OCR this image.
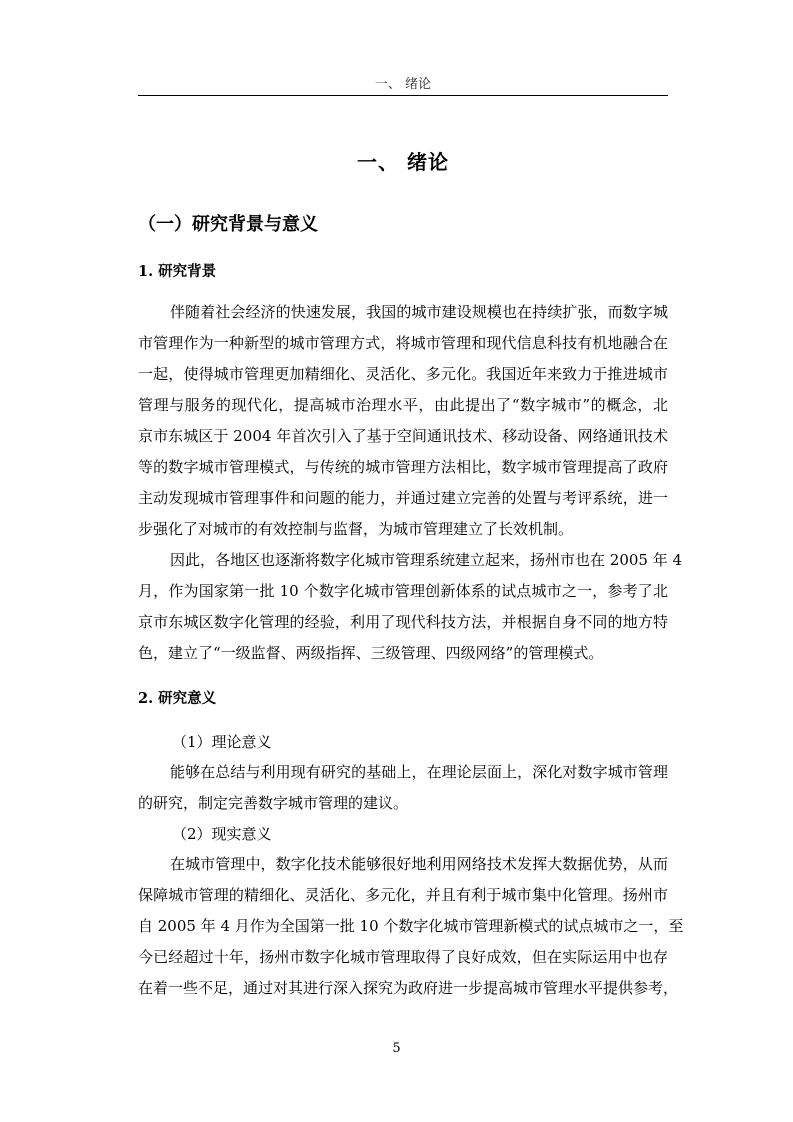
一、 绪论
一、 绪论
（一）研究背景与意义
1. 研究背景
伴随着社会经济的快速发展，我国的城市建设规模也在持续扩张，而数字城
市管理作为一种新型的城市管理方式，将城市管理和现代信息科技有机地融合在
一起，使得城市管理更加精细化、灵活化、多元化。我国近年来致力于推进城市
管理与服务的现代化，提高城市治理水平，由此提出了“数字城市”的概念，北
京市东城区于 2004 年首次引入了基于空间通讯技术、移动设备、网络通讯技术
等的数字城市管理模式，与传统的城市管理方法相比，数字城市管理提高了政府
主动发现城市管理事件和问题的能力，并通过建立完善的处置与考评系统，进一
步强化了对城市的有效控制与监督，为城市管理建立了长效机制。
因此，各地区也逐渐将数字化城市管理系统建立起来，扬州市也在 2005 年 4
月，作为国家第一批 10 个数字化城市管理创新体系的试点城市之一，参考了北
京市东城区数字化管理的经验，利用了现代科技方法，并根据自身不同的地方特
色，建立了“一级监督、两级指挥、三级管理、四级网络”的管理模式。
2. 研究意义
（1）理论意义
能够在总结与利用现有研究的基础上，在理论层面上，深化对数字城市管理
的研究，制定完善数字城市管理的建议。
（2）现实意义
在城市管理中，数字化技术能够很好地利用网络技术发挥大数据优势，从而
保障城市管理的精细化、灵活化、多元化，并且有利于城市集中化管理。扬州市
自 2005 年 4 月作为全国第一批 10 个数字化城市管理新模式的试点城市之一，至
今已经超过十年，扬州市数字化城市管理取得了良好成效，但在实际运用中也存
在着一些不足，通过对其进行深入探究为政府进一步提高城市管理水平提供参考，
5
